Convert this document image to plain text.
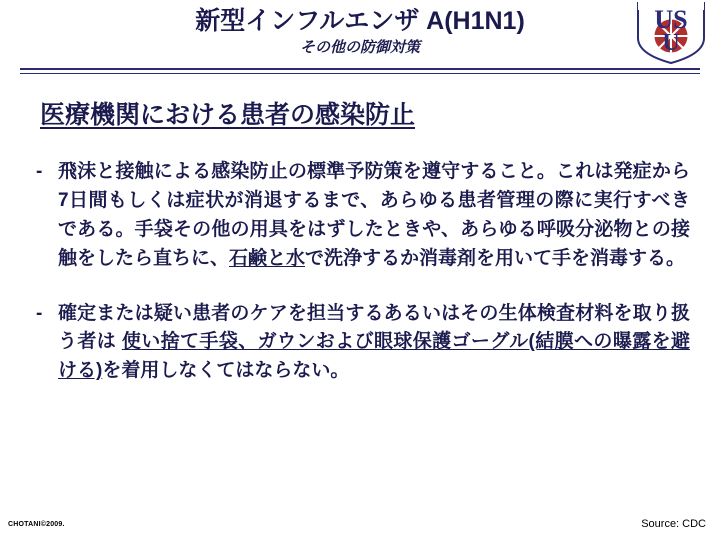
新型インフルエンザ A(H1N1)
その他の防御対策
US
U
医療機関における患者の感染防止
- 飛沫と接触による感染防止の標準予防策を遵守すること。これは発症から7日間もしくは症状が消退するまで、あらゆる患者管理の際に実行すべきである。手袋その他の用具をはずしたときや、あらゆる呼吸分泌物との接触をしたら直ちに、石鹸と水で洗浄するか消毒剤を用いて手を消毒する。
- 確定または疑い患者のケアを担当するあるいはその生体検査材料を取り扱う者は 使い捨て手袋、ガウンおよび眼球保護ゴーグル(結膜への曝露を避ける)を着用しなくてはならない。
CHOTANI©2009.	Source: CDC
